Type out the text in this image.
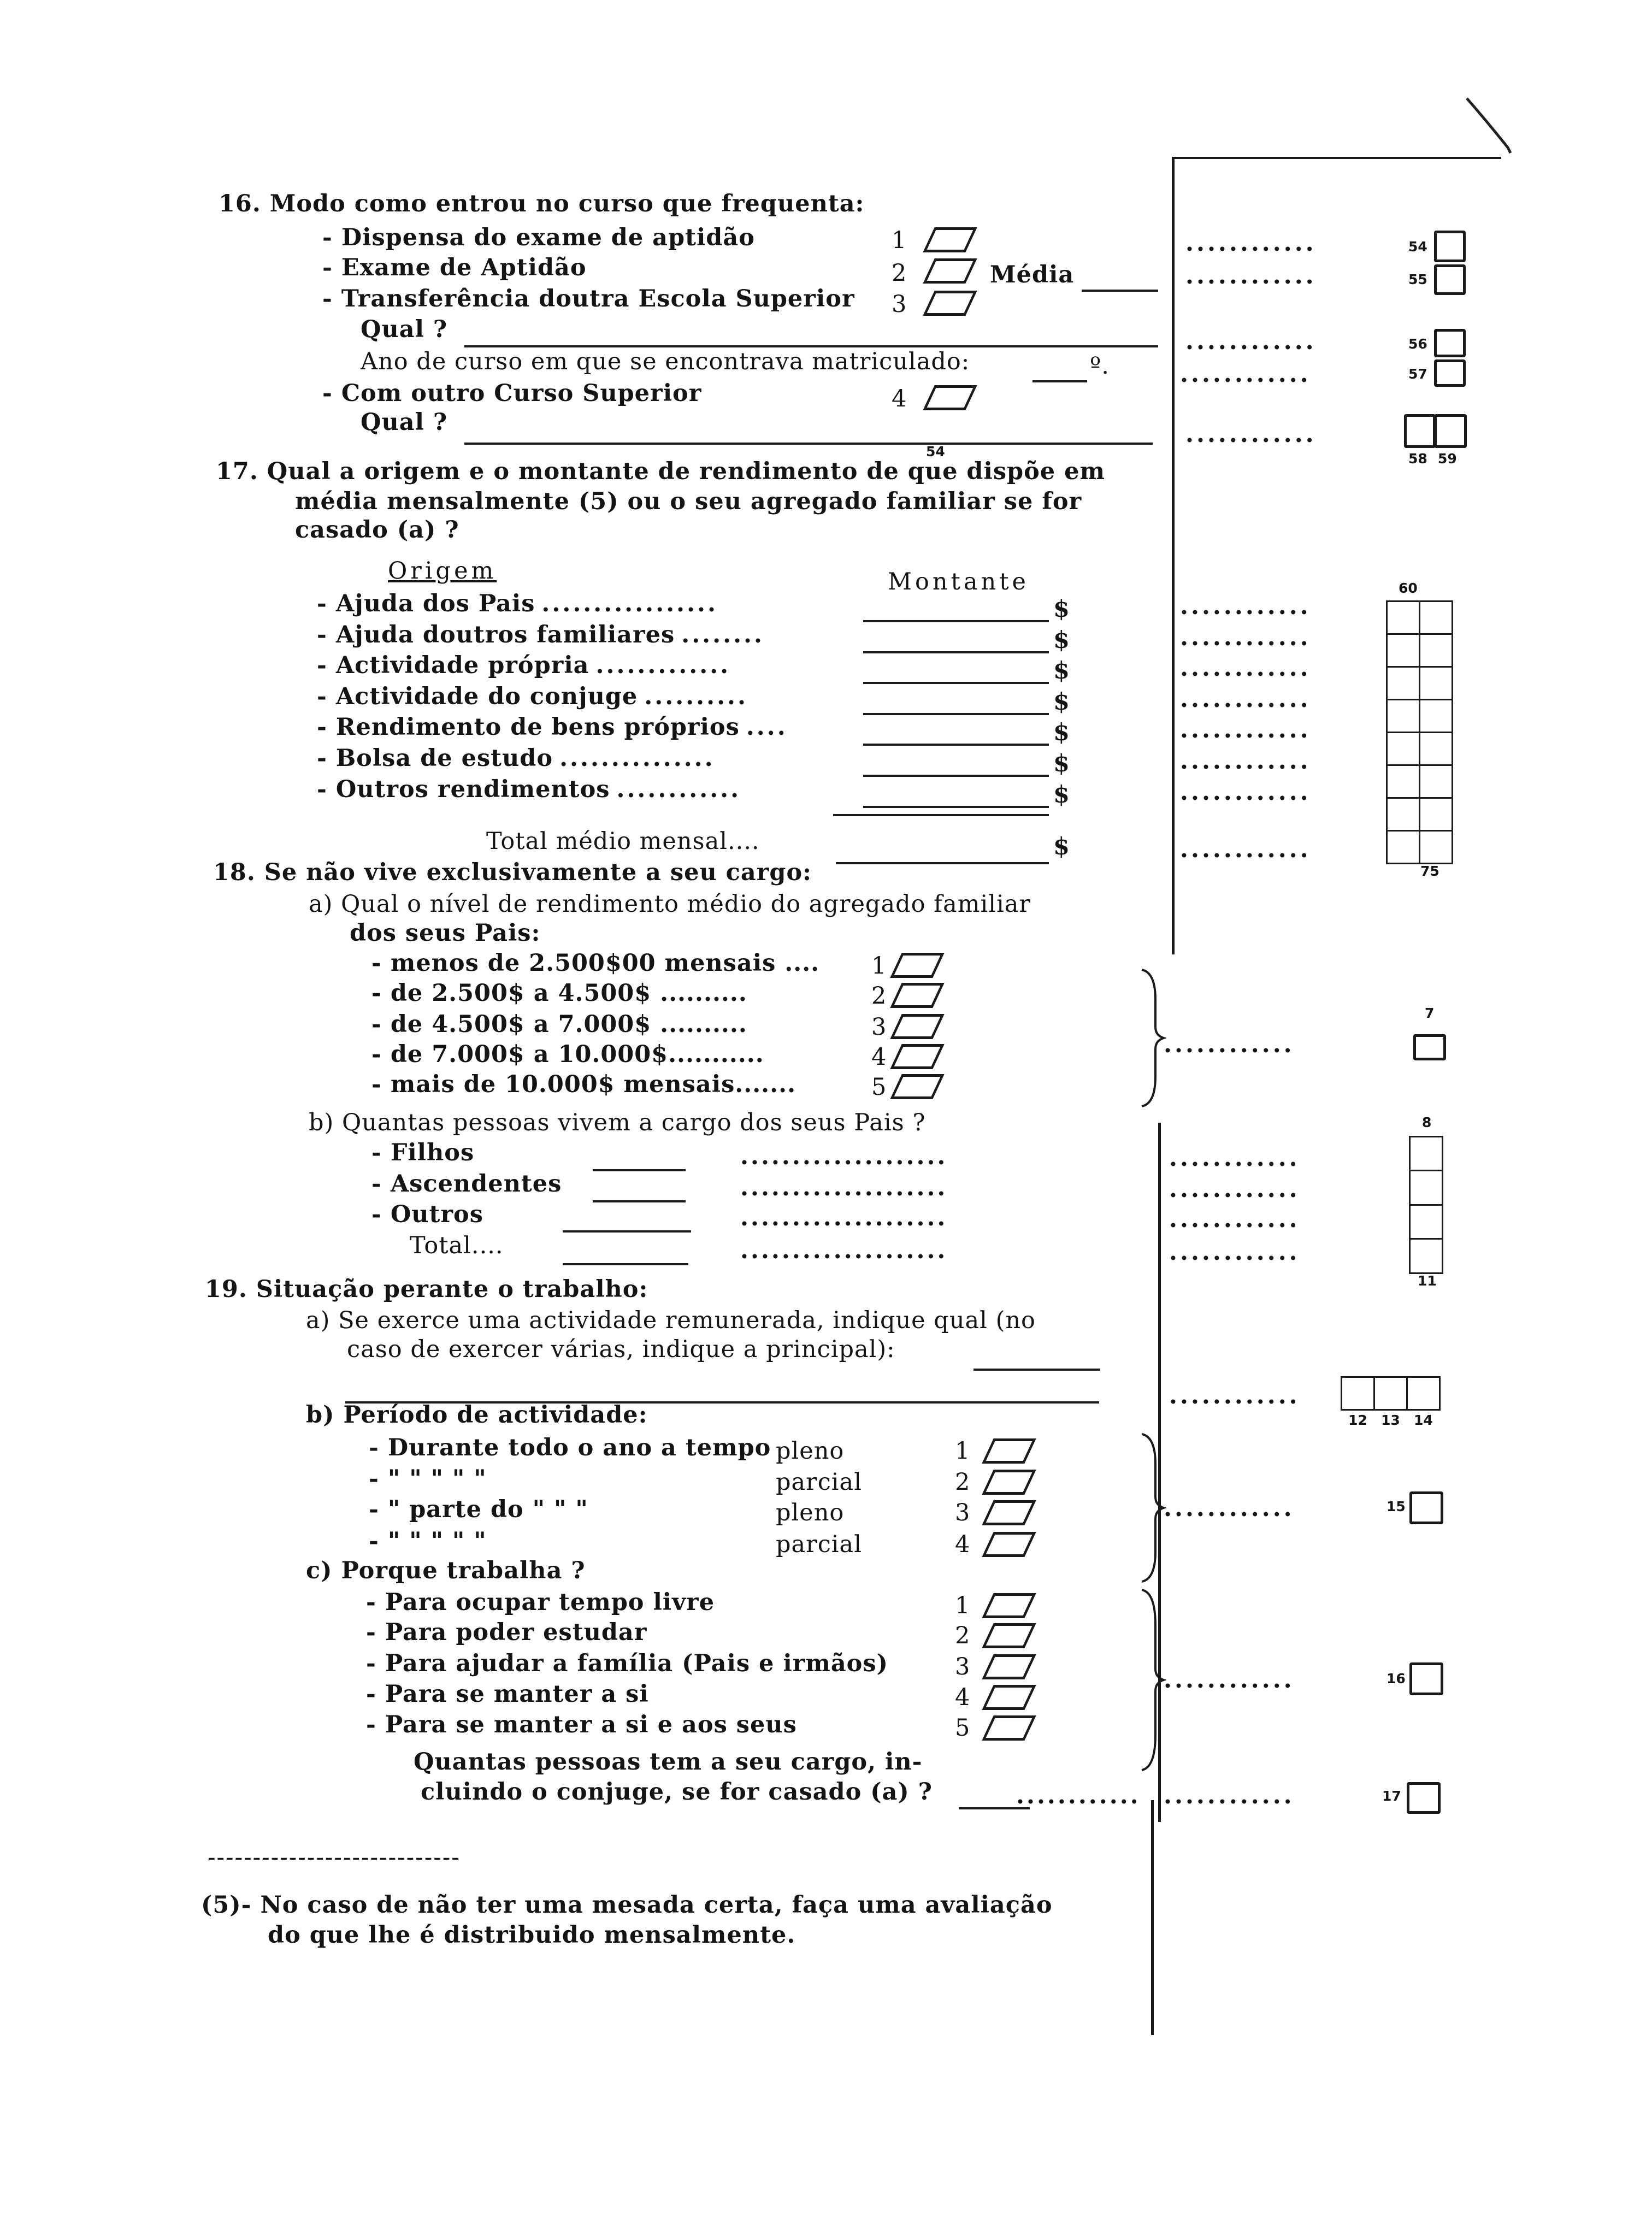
16. Modo como entrou no curso que frequenta:
- Dispensa do exame de aptidão	1
- Exame de Aptidão	2	Média
- Transferência doutra Escola Superior 3
Qual ?
Ano de curso em que se encontrava matriculado:	º.
- Com outro Curso Superior	4
Qual ?
54
............	54
............	55
............	56
............	57
............
58 59
17. Qual a origem e o montante de rendimento de que dispõe em
média mensalmente (5) ou o seu agregado familiar se for
casado (a) ?
Origem	Montante
- Ajuda dos Pais	$	............
- Ajuda doutros familiares	$	............
- Actividade própria	$	............
- Actividade do conjuge	$	............
- Rendimento de bens próprios	$	............
- Bolsa de estudo	$	............
- Outros rendimentos	$	............
Total médio mensal....	$	............
60
75
18. Se não vive exclusivamente a seu cargo:
a) Qual o nível de rendimento médio do agregado familiar
dos seus Pais:
- menos de 2.500$00 mensais .... 1
- de 2.500$ a 4.500$ ..........	2
- de 4.500$ a 7.000$ ..........	3
- de 7.000$ a 10.000$...........	4
- mais de 10.000$ mensais.......	5
............
7
b) Quantas pessoas vivem a cargo dos seus Pais ?
- Filhos
- Ascendentes
- Outros
Total....
....................	............
....................	............
....................	............
....................	............
8
11
19. Situação perante o trabalho:
a) Se exerce uma actividade remunerada, indique qual (no
caso de exercer várias, indique a principal):
............
12 13 14
b) Período de actividade:
- Durante todo o ano a tempo pleno	1
- " " " " "	parcial	2
- " parte do " " "	pleno	3
- " " " " "	parcial	4
............	15
c) Porque trabalha ?
- Para ocupar tempo livre	1
- Para poder estudar	2
- Para ajudar a família (Pais e irmãos)	3
- Para se manter a si	4
- Para se manter a si e aos seus	5
............	16
Quantas pessoas tem a seu cargo, in-
cluindo o conjuge, se for casado (a) ?	............ ............	17
----------------------------
(5)- No caso de não ter uma mesada certa, faça uma avaliação
do que lhe é distribuido mensalmente.
.................
........
.............
..........
....
...............
............
